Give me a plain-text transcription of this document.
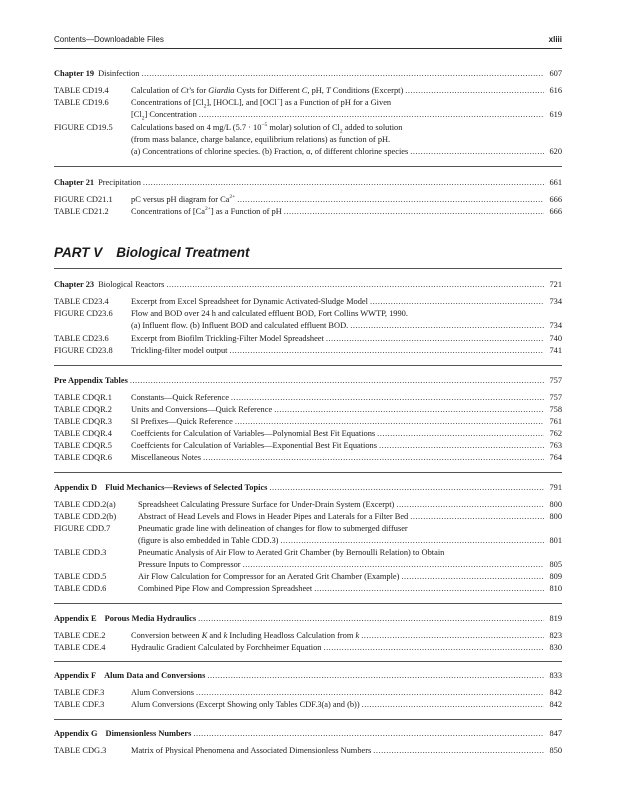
Contents—Downloadable Files	xliii
Chapter 19 Disinfection .....	607
TABLE CD19.4	Calculation of Ct’s for Giardia Cysts for Different C, pH, T Conditions (Excerpt) .....	616
TABLE CD19.6	Concentrations of $[Cl_2]$, [HOCL], and [OCl−] as a Function of pH for a Given
$[Cl_2]$ Concentration .....	619
FIGURE CD19.5	Calculations based on 4 mg/L ($5.7 \cdot 10^{-5}$ molar) solution of $Cl_2$ added to solution
(from mass balance, charge balance, equilibrium relations) as function of pH.
(a) Concentrations of chlorine species. (b) Fraction, α, of different chlorine species .....	620
Chapter 21 Precipitation .....	661
FIGURE CD21.1	pC versus pH diagram for $Ca^{2+}$ .....	666
TABLE CD21.2	Concentrations of $[Ca^{2+}]$ as a Function of pH .....	666
PART V Biological Treatment
Chapter 23 Biological Reactors .....	721
TABLE CD23.4	Excerpt from Excel Spreadsheet for Dynamic Activated-Sludge Model .....	734
FIGURE CD23.6	Flow and BOD over 24 h and calculated effluent BOD, Fort Collins WWTP, 1990.
(a) Influent flow. (b) Influent BOD and calculated effluent BOD. .....	734
TABLE CD23.6	Excerpt from Biofilm Trickling-Filter Model Spreadsheet .....	740
FIGURE CD23.8	Trickling-filter model output .....	741
Pre Appendix Tables .....	757
TABLE CDQR.1	Constants—Quick Reference .....	757
TABLE CDQR.2	Units and Conversions—Quick Reference .....	758
TABLE CDQR.3	SI Prefixes—Quick Reference .....	761
TABLE CDQR.4	Coeffcients for Calculation of Variables—Polynomial Best Fit Equations .....	762
TABLE CDQR.5	Coeffcients for Calculation of Variables—Exponential Best Fit Equations .....	763
TABLE CDQR.6	Miscellaneous Notes .....	764
Appendix D Fluid Mechanics—Reviews of Selected Topics .....	791
TABLE CDD.2(a)	Spreadsheet Calculating Pressure Surface for Under-Drain System (Excerpt) .....	800
TABLE CDD.2(b)	Abstract of Head Levels and Flows in Header Pipes and Laterals for a Filter Bed .....	800
FIGURE CDD.7	Pneumatic grade line with delineation of changes for flow to submerged diffuser
(figure is also embedded in Table CDD.3) .....	801
TABLE CDD.3	Pneumatic Analysis of Air Flow to Aerated Grit Chamber (by Bernoulli Relation) to Obtain
Pressure Inputs to Compressor .....	805
TABLE CDD.5	Air Flow Calculation for Compressor for an Aerated Grit Chamber (Example) .....	809
TABLE CDD.6	Combined Pipe Flow and Compression Spreadsheet .....	810
Appendix E Porous Media Hydraulics .....	819
TABLE CDE.2	Conversion between K and k Including Headloss Calculation from k .....	823
TABLE CDE.4	Hydraulic Gradient Calculated by Forchheimer Equation .....	830
Appendix F Alum Data and Conversions .....	833
TABLE CDF.3	Alum Conversions .....	842
TABLE CDF.3	Alum Conversions (Excerpt Showing only Tables CDF.3(a) and (b)) .....	842
Appendix G Dimensionless Numbers .....	847
TABLE CDG.3	Matrix of Physical Phenomena and Associated Dimensionless Numbers .....	850
